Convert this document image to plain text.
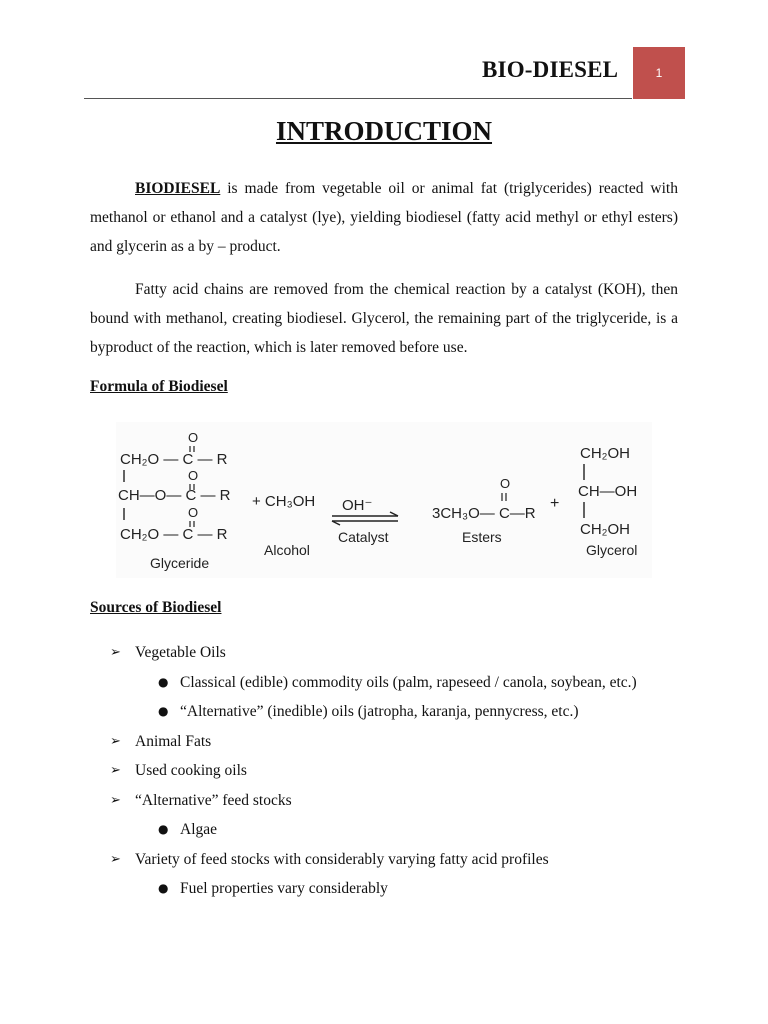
BIO-DIESEL	1
INTRODUCTION

BIODIESEL is made from vegetable oil or animal fat (triglycerides) reacted with methanol or ethanol and a catalyst (lye), yielding biodiesel (fatty acid methyl or ethyl esters) and glycerin as a by – product.

Fatty acid chains are removed from the chemical reaction by a catalyst (KOH), then bound with methanol, creating biodiesel. Glycerol, the remaining part of the triglyceride, is a byproduct of the reaction, which is later removed before use.

Formula of Biodiesel
O
CH₂O — C — R
O
CH—O— C — R
O
CH₂O — C — R
Glyceride
+ CH₃OH
Alcohol
OH⁻
Catalyst
O
3CH₃O— C—R
Esters
+
CH₂OH
CH—OH
CH₂OH
Glycerol
Sources of Biodiesel
➢ Vegetable Oils
● Classical (edible) commodity oils (palm, rapeseed / canola, soybean, etc.)
● “Alternative” (inedible) oils (jatropha, karanja, pennycress, etc.)
➢ Animal Fats
➢ Used cooking oils
➢ “Alternative” feed stocks
● Algae
➢ Variety of feed stocks with considerably varying fatty acid profiles
● Fuel properties vary considerably
